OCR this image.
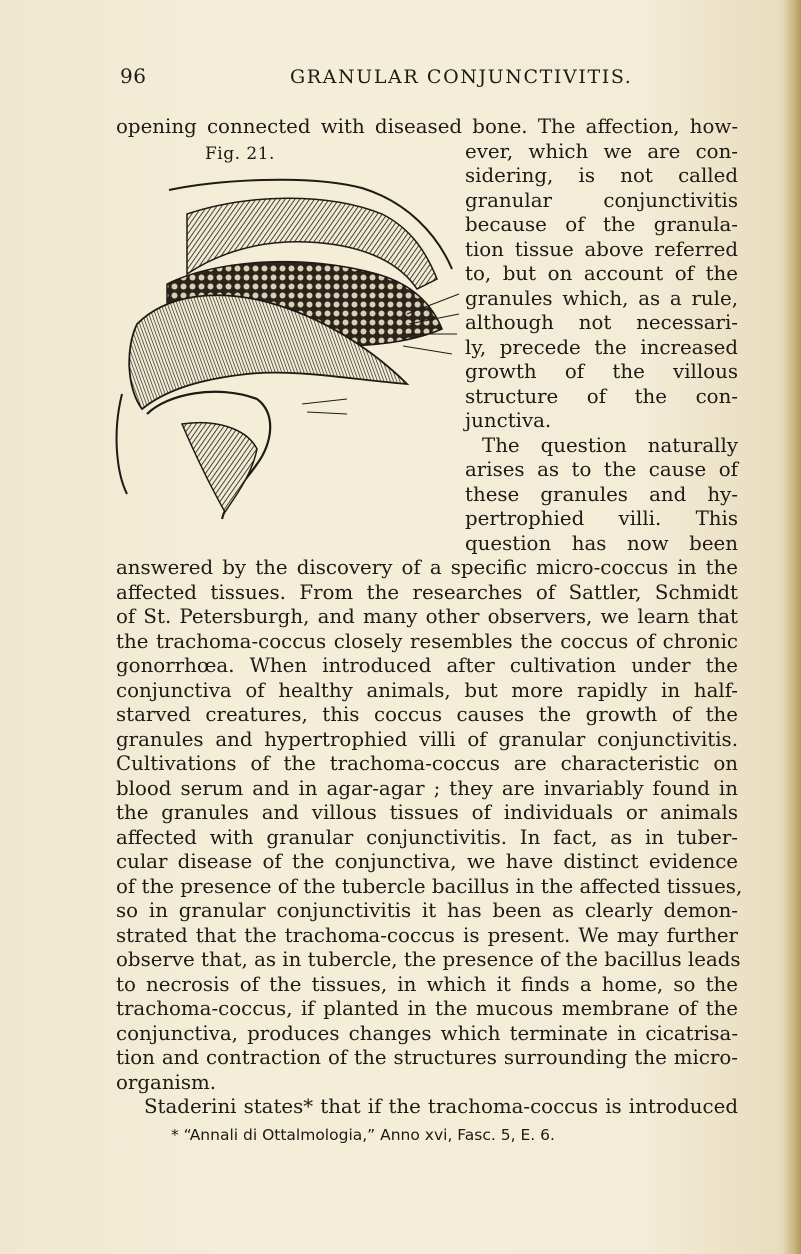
96	GRANULAR CONJUNCTIVITIS.
Fig. 21.
opening connected with diseased bone. The affection, how-
ever, which we are con-
sidering, is not called
granular conjunctivitis
because of the granula-
tion tissue above referred
to, but on account of the
granules which, as a rule,
although not necessari-
ly, precede the increased
growth of the villous
structure of the con-
junctiva.
The question naturally
arises as to the cause of
these granules and hy-
pertrophied villi. This
question has now been
answered by the discovery of a specific micro-coccus in the
affected tissues. From the researches of Sattler, Schmidt
of St. Petersburgh, and many other observers, we learn that
the trachoma-coccus closely resembles the coccus of chronic
gonorrhœa. When introduced after cultivation under the
conjunctiva of healthy animals, but more rapidly in half-
starved creatures, this coccus causes the growth of the
granules and hypertrophied villi of granular conjunctivitis.
Cultivations of the trachoma-coccus are characteristic on
blood serum and in agar-agar ; they are invariably found in
the granules and villous tissues of individuals or animals
affected with granular conjunctivitis. In fact, as in tuber-
cular disease of the conjunctiva, we have distinct evidence
of the presence of the tubercle bacillus in the affected tissues,
so in granular conjunctivitis it has been as clearly demon-
strated that the trachoma-coccus is present. We may further
observe that, as in tubercle, the presence of the bacillus leads
to necrosis of the tissues, in which it finds a home, so the
trachoma-coccus, if planted in the mucous membrane of the
conjunctiva, produces changes which terminate in cicatrisa-
tion and contraction of the structures surrounding the micro-
organism.
Staderini states* that if the trachoma-coccus is introduced
* “Annali di Ottalmologia,” Anno xvi, Fasc. 5, E. 6.
